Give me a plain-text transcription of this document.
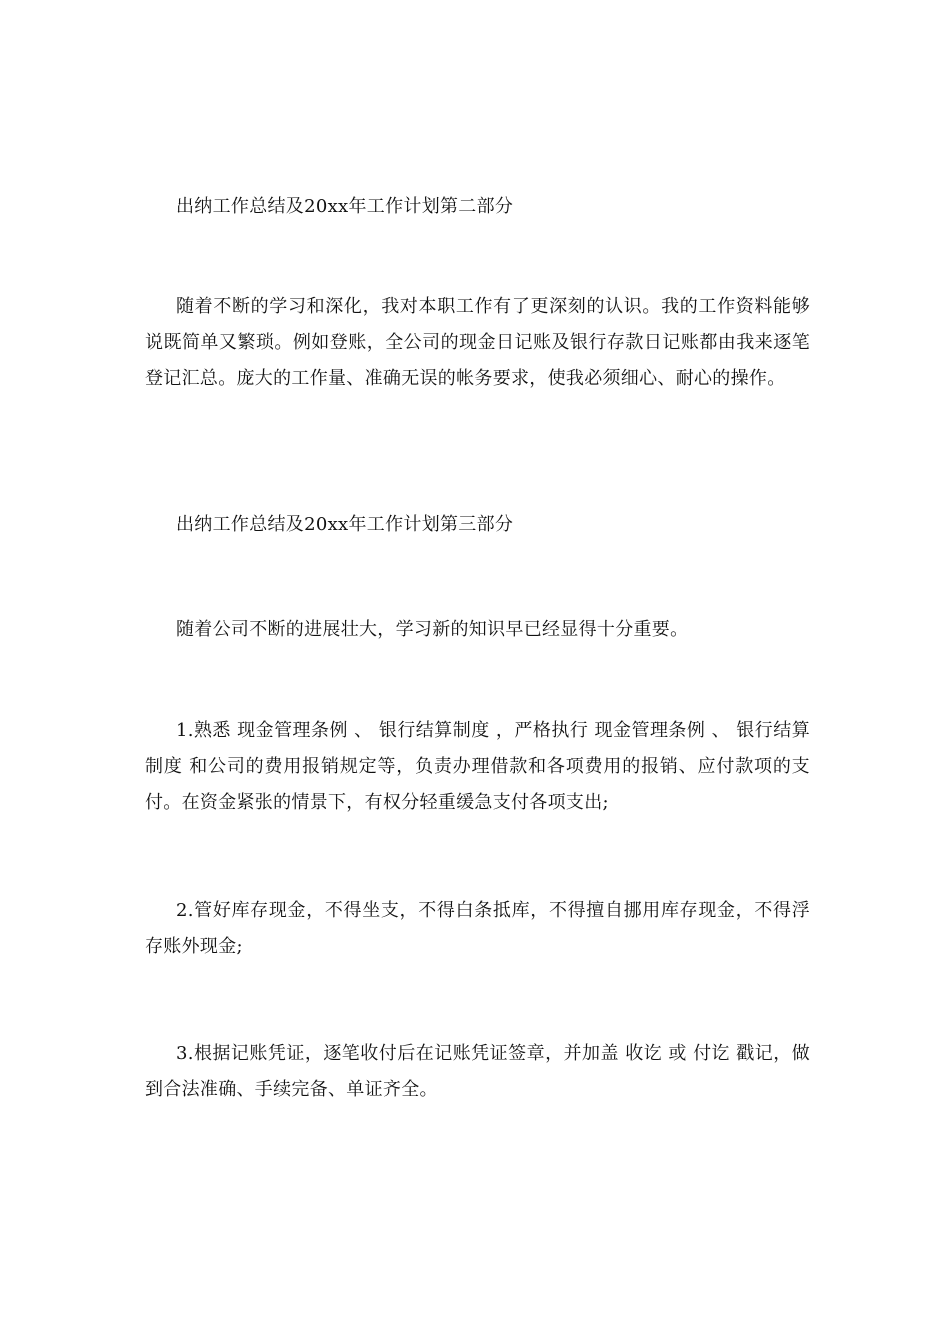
出纳工作总结及20xx年工作计划第二部分

随着不断的学习和深化，我对本职工作有了更深刻的认识。我的工作资料能够说既简单又繁琐。例如登账，全公司的现金日记账及银行存款日记账都由我来逐笔登记汇总。庞大的工作量、准确无误的帐务要求，使我必须细心、耐心的操作。

出纳工作总结及20xx年工作计划第三部分

随着公司不断的进展壮大，学习新的知识早已经显得十分重要。

1.熟悉 现金管理条例 、 银行结算制度 ，严格执行 现金管理条例 、 银行结算制度 和公司的费用报销规定等，负责办理借款和各项费用的报销、应付款项的支付。在资金紧张的情景下，有权分轻重缓急支付各项支出;

2.管好库存现金，不得坐支，不得白条抵库，不得擅自挪用库存现金，不得浮存账外现金;

3.根据记账凭证，逐笔收付后在记账凭证签章，并加盖 收讫 或 付讫 戳记，做到合法准确、手续完备、单证齐全。
